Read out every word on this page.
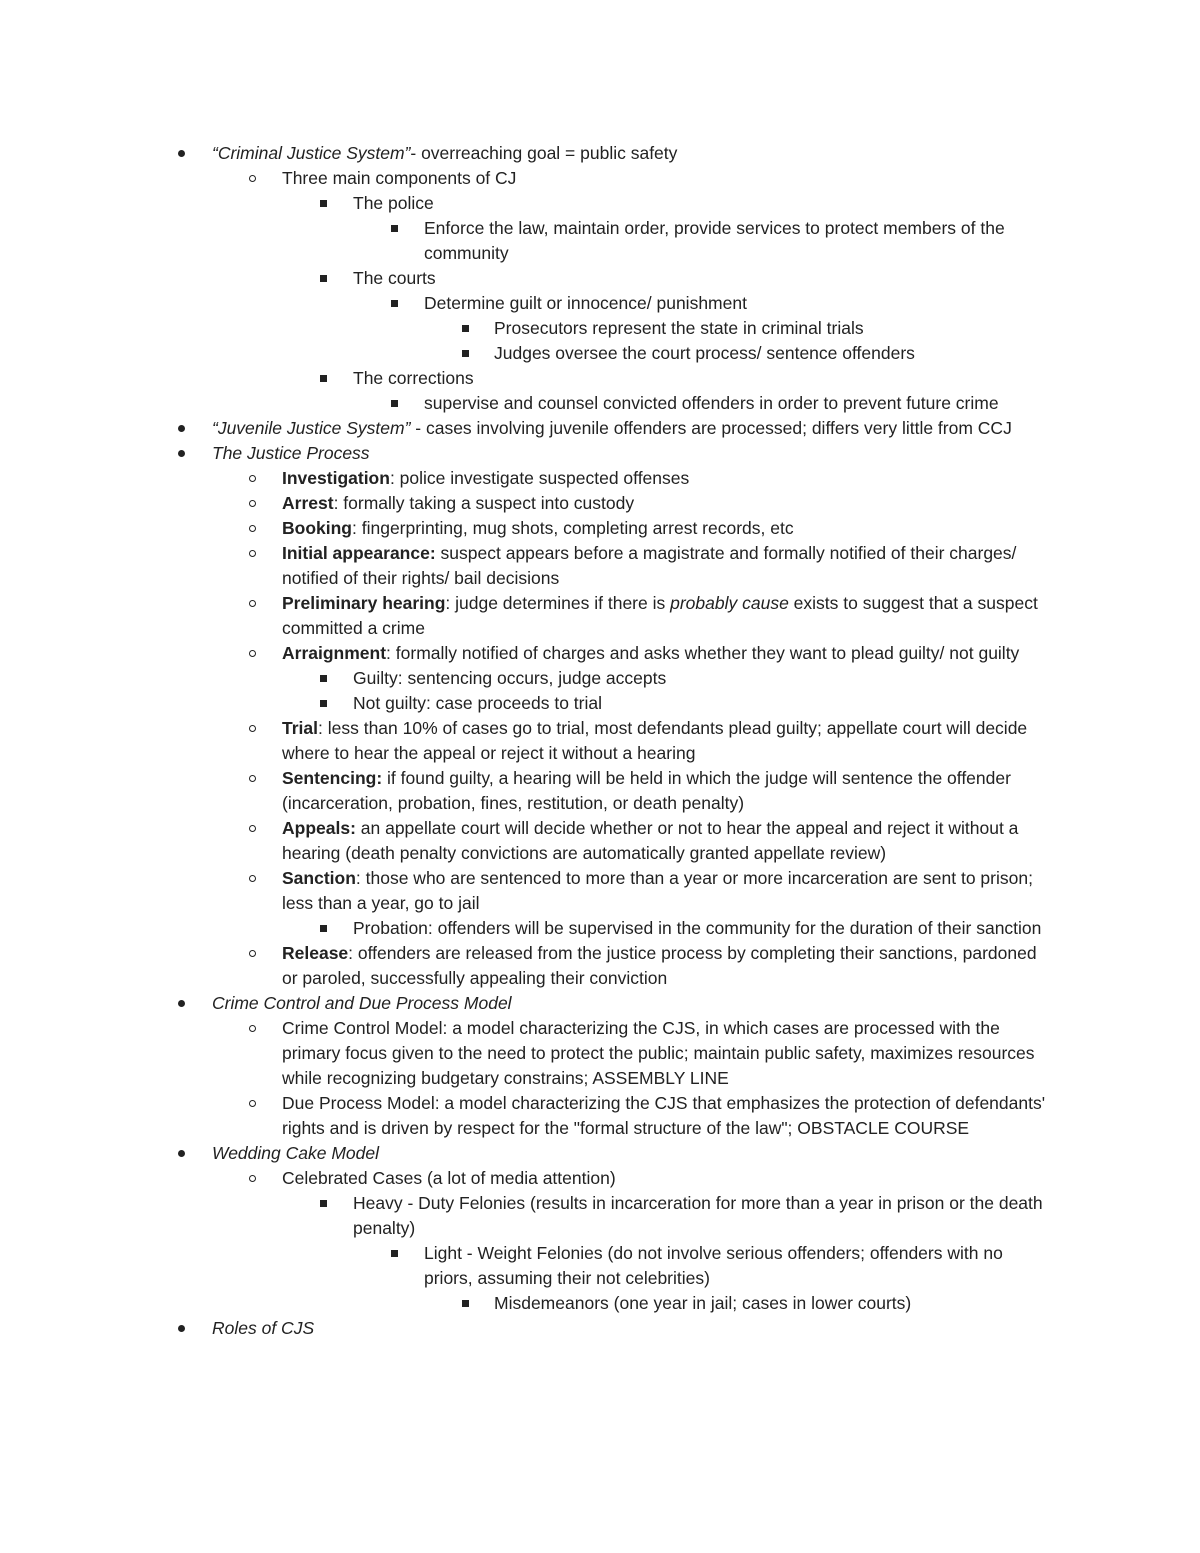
“Criminal Justice System”- overreaching goal = public safety
Three main components of CJ
The police
Enforce the law, maintain order, provide services to protect members of the
community
The courts
Determine guilt or innocence/ punishment
Prosecutors represent the state in criminal trials
Judges oversee the court process/ sentence offenders
The corrections
supervise and counsel convicted offenders in order to prevent future crime
“Juvenile Justice System” - cases involving juvenile offenders are processed; differs very little from CCJ
The Justice Process
Investigation: police investigate suspected offenses
Arrest: formally taking a suspect into custody
Booking: fingerprinting, mug shots, completing arrest records, etc
Initial appearance: suspect appears before a magistrate and formally notified of their charges/
notified of their rights/ bail decisions
Preliminary hearing: judge determines if there is probably cause exists to suggest that a suspect
committed a crime
Arraignment: formally notified of charges and asks whether they want to plead guilty/ not guilty
Guilty: sentencing occurs, judge accepts
Not guilty: case proceeds to trial
Trial: less than 10% of cases go to trial, most defendants plead guilty; appellate court will decide
where to hear the appeal or reject it without a hearing
Sentencing: if found guilty, a hearing will be held in which the judge will sentence the offender
(incarceration, probation, fines, restitution, or death penalty)
Appeals: an appellate court will decide whether or not to hear the appeal and reject it without a
hearing (death penalty convictions are automatically granted appellate review)
Sanction: those who are sentenced to more than a year or more incarceration are sent to prison;
less than a year, go to jail
Probation: offenders will be supervised in the community for the duration of their sanction
Release: offenders are released from the justice process by completing their sanctions, pardoned
or paroled, successfully appealing their conviction
Crime Control and Due Process Model
Crime Control Model: a model characterizing the CJS, in which cases are processed with the
primary focus given to the need to protect the public; maintain public safety, maximizes resources
while recognizing budgetary constrains; ASSEMBLY LINE
Due Process Model: a model characterizing the CJS that emphasizes the protection of defendants'
rights and is driven by respect for the "formal structure of the law"; OBSTACLE COURSE
Wedding Cake Model
Celebrated Cases (a lot of media attention)
Heavy - Duty Felonies (results in incarceration for more than a year in prison or the death
penalty)
Light - Weight Felonies (do not involve serious offenders; offenders with no
priors, assuming their not celebrities)
Misdemeanors (one year in jail; cases in lower courts)
Roles of CJS
